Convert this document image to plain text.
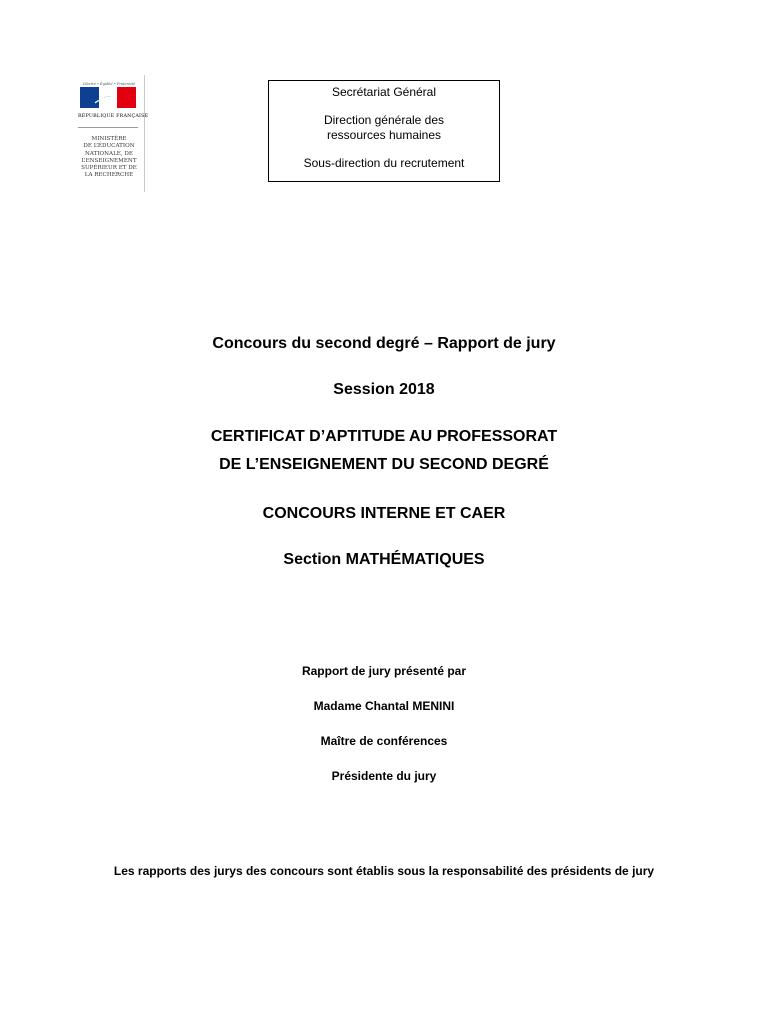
Liberté • Égalité • Fraternité
RÉPUBLIQUE FRANÇAISE
MINISTÈRE
DE L’ÉDUCATION
NATIONALE, DE
L’ENSEIGNEMENT
SUPÉRIEUR ET DE
LA RECHERCHE
Secrétariat Général
Direction générale des
ressources humaines
Sous-direction du recrutement
Concours du second degré – Rapport de jury
Session 2018
CERTIFICAT D’APTITUDE AU PROFESSORAT
DE L’ENSEIGNEMENT DU SECOND DEGRÉ
CONCOURS INTERNE ET CAER
Section MATHÉMATIQUES
Rapport de jury présenté par
Madame Chantal MENINI
Maître de conférences
Présidente du jury
Les rapports des jurys des concours sont établis sous la responsabilité des présidents de jury
